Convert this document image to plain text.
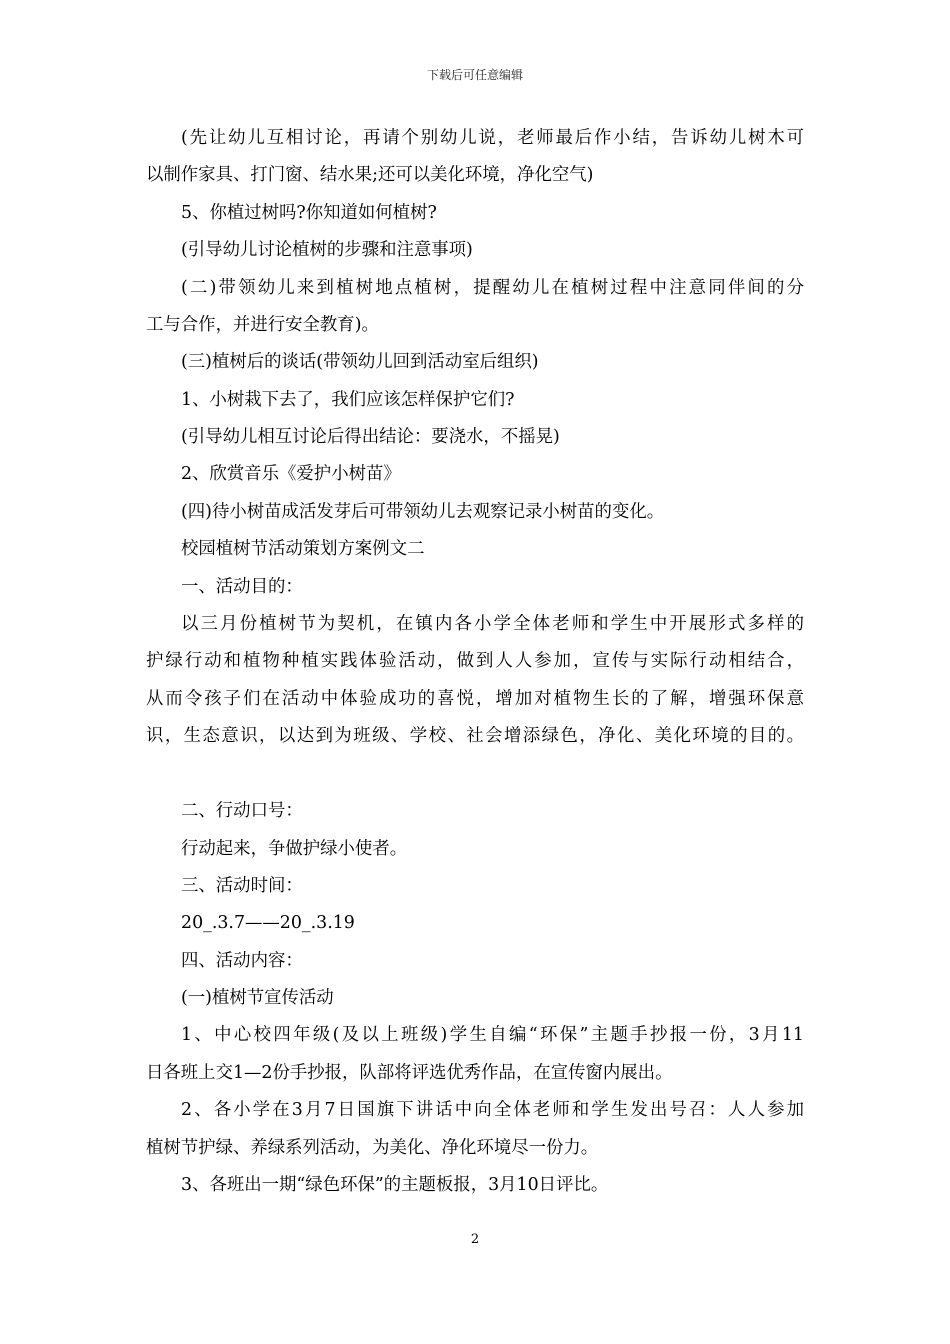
下载后可任意编辑
(先让幼儿互相讨论，再请个别幼儿说，老师最后作小结，告诉幼儿树木可
以制作家具、打门窗、结水果;还可以美化环境，净化空气)
5、你植过树吗?你知道如何植树?
(引导幼儿讨论植树的步骤和注意事项)
(二)带领幼儿来到植树地点植树，提醒幼儿在植树过程中注意同伴间的分
工与合作，并进行安全教育)。
(三)植树后的谈话(带领幼儿回到活动室后组织)
1、小树栽下去了，我们应该怎样保护它们?
(引导幼儿相互讨论后得出结论：要浇水，不摇晃)
2、欣赏音乐《爱护小树苗》
(四)待小树苗成活发芽后可带领幼儿去观察记录小树苗的变化。
校园植树节活动策划方案例文二
一、活动目的：
以三月份植树节为契机，在镇内各小学全体老师和学生中开展形式多样的
护绿行动和植物种植实践体验活动，做到人人参加，宣传与实际行动相结合，
从而令孩子们在活动中体验成功的喜悦，增加对植物生长的了解，增强环保意
识，生态意识，以达到为班级、学校、社会增添绿色，净化、美化环境的目的。
二、行动口号：
行动起来，争做护绿小使者。
三、活动时间：
20_.3.7——20_.3.19
四、活动内容：
(一)植树节宣传活动
1、中心校四年级(及以上班级)学生自编“环保”主题手抄报一份，3月11
日各班上交1—2份手抄报，队部将评选优秀作品，在宣传窗内展出。
2、各小学在3月7日国旗下讲话中向全体老师和学生发出号召：人人参加
植树节护绿、养绿系列活动，为美化、净化环境尽一份力。
3、各班出一期“绿色环保”的主题板报，3月10日评比。
2
